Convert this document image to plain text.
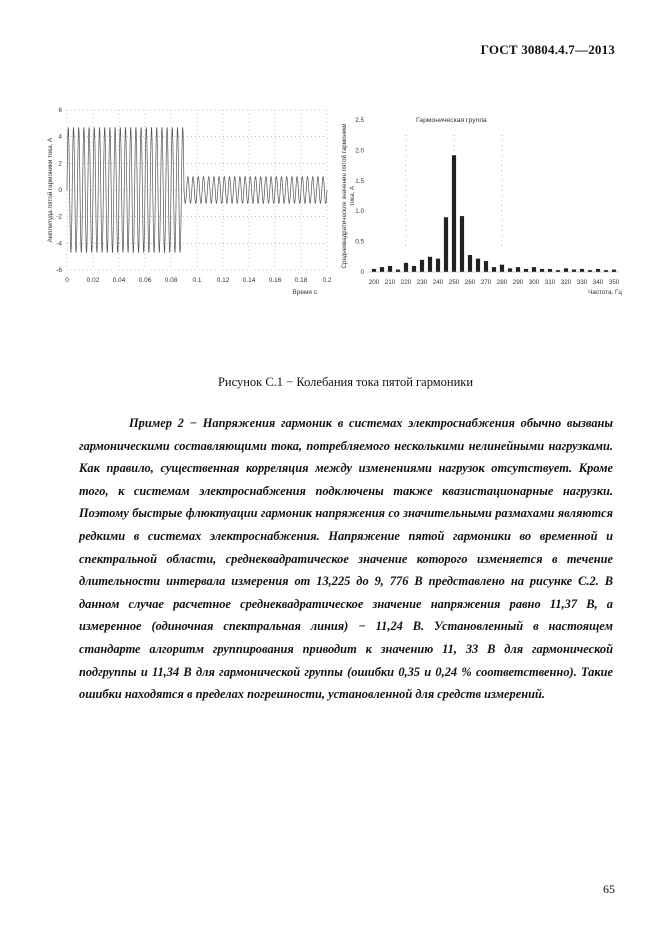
ГОСТ 30804.4.7—2013
0	0.02 0.04 0.06 0.08 0.1 0.12 0.14 0.16 0.18 0.2
6
4
2
0
-2
-4
-6
Время с
Амплитуда пятой гармоники тока, А
Гармоническая группа
2.5
2.0
1.5
1.0
0.5
0
200 210 220 230 240 250 260 270 280 290 300 310 320 330 340 350
Частота, Гц
Среднеквадратическое значение пятой гармоники тока, А
Рисунок С.1 − Колебания тока пятой гармоники

Пример 2 − Напряжения гармоник в системах электроснабжения обычно вызваны гармоническими составляющими тока, потребляемого несколькими нелинейными нагрузками. Как правило, существенная корреляция между изменениями нагрузок отсутствует. Кроме того, к системам электроснабжения подключены также квазистационарные нагрузки. Поэтому быстрые флюктуации гармоник напряжения со значительными размахами являются редкими в системах электроснабжения. Напряжение пятой гармоники во временной и спектральной области, среднеквадратическое значение которого изменяется в течение длительности интервала измерения от 13,225 до 9, 776 В представлено на рисунке С.2. В данном случае расчетное среднеквадратическое значение напряжения равно 11,37 В, а измеренное (одиночная спектральная линия) − 11,24 В. Установленный в настоящем стандарте алгоритм группирования приводит к значению 11, 33 В для гармонической подгруппы и 11,34 В для гармонической группы (ошибки 0,35 и 0,24 % соответственно). Такие ошибки находятся в пределах погрешности, установленной для средств измерений.

65
